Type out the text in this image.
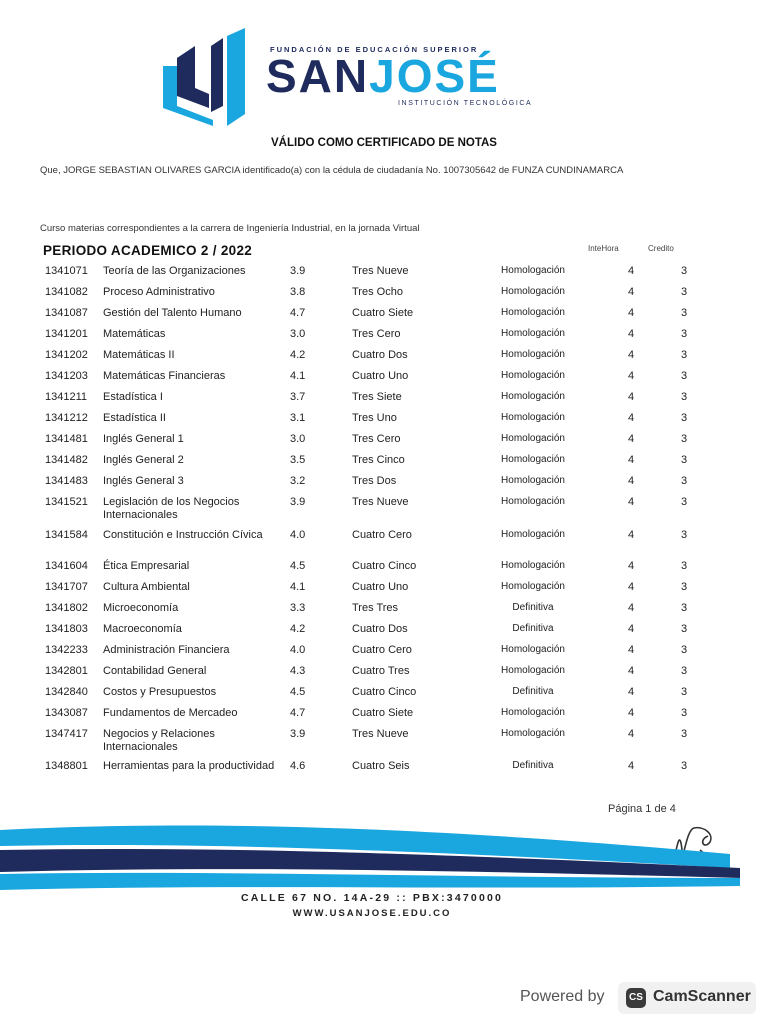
FUNDACIÓN DE EDUCACIÓN SUPERIOR
SANJOSÉ
INSTITUCIÓN TECNOLÓGICA
VÁLIDO COMO CERTIFICADO DE NOTAS
Que, JORGE SEBASTIAN OLIVARES GARCIA identificado(a) con la cédula de ciudadanía No. 1007305642 de FUNZA CUNDINAMARCA
Curso materias correspondientes a la carrera de Ingeniería Industrial, en la jornada Virtual
PERIODO ACADEMICO 2 / 2022	InteHora	Credito
1341071 Teoría de las Organizaciones	3.9	Tres Nueve	Homologación	4	3
1341082 Proceso Administrativo	3.8	Tres Ocho	Homologación	4	3
1341087 Gestión del Talento Humano	4.7	Cuatro Siete	Homologación	4	3
1341201 Matemáticas	3.0	Tres Cero	Homologación	4	3
1341202 Matemáticas II	4.2	Cuatro Dos	Homologación	4	3
1341203 Matemáticas Financieras	4.1	Cuatro Uno	Homologación	4	3
1341211 Estadística I	3.7	Tres Siete	Homologación	4	3
1341212 Estadística II	3.1	Tres Uno	Homologación	4	3
1341481 Inglés General 1	3.0	Tres Cero	Homologación	4	3
1341482 Inglés General 2	3.5	Tres Cinco	Homologación	4	3
1341483 Inglés General 3	3.2	Tres Dos	Homologación	4	3
1341521 Legislación de los Negocios Internacionales
3.9	Tres Nueve	Homologación	4	3
1341584 Constitución e Instrucción Cívica	4.0	Cuatro Cero	Homologación	4	3
1341604 Ética Empresarial	4.5	Cuatro Cinco	Homologación	4	3
1341707 Cultura Ambiental	4.1	Cuatro Uno	Homologación	4	3
1341802 Microeconomía	3.3	Tres Tres	Definitiva	4	3
1341803 Macroeconomía	4.2	Cuatro Dos	Definitiva	4	3
1342233 Administración Financiera	4.0	Cuatro Cero	Homologación	4	3
1342801 Contabilidad General	4.3	Cuatro Tres	Homologación	4	3
1342840 Costos y Presupuestos	4.5	Cuatro Cinco	Definitiva	4	3
1343087 Fundamentos de Mercadeo	4.7	Cuatro Siete	Homologación	4	3
1347417 Negocios y Relaciones Internacionales
3.9	Tres Nueve	Homologación	4	3
1348801 Herramientas para la productividad	4.6	Cuatro Seis	Definitiva	4	3
Página 1 de 4
CALLE 67 NO. 14A-29 :: PBX:3470000
WWW.USANJOSE.EDU.CO
Powered by	CS CamScanner
